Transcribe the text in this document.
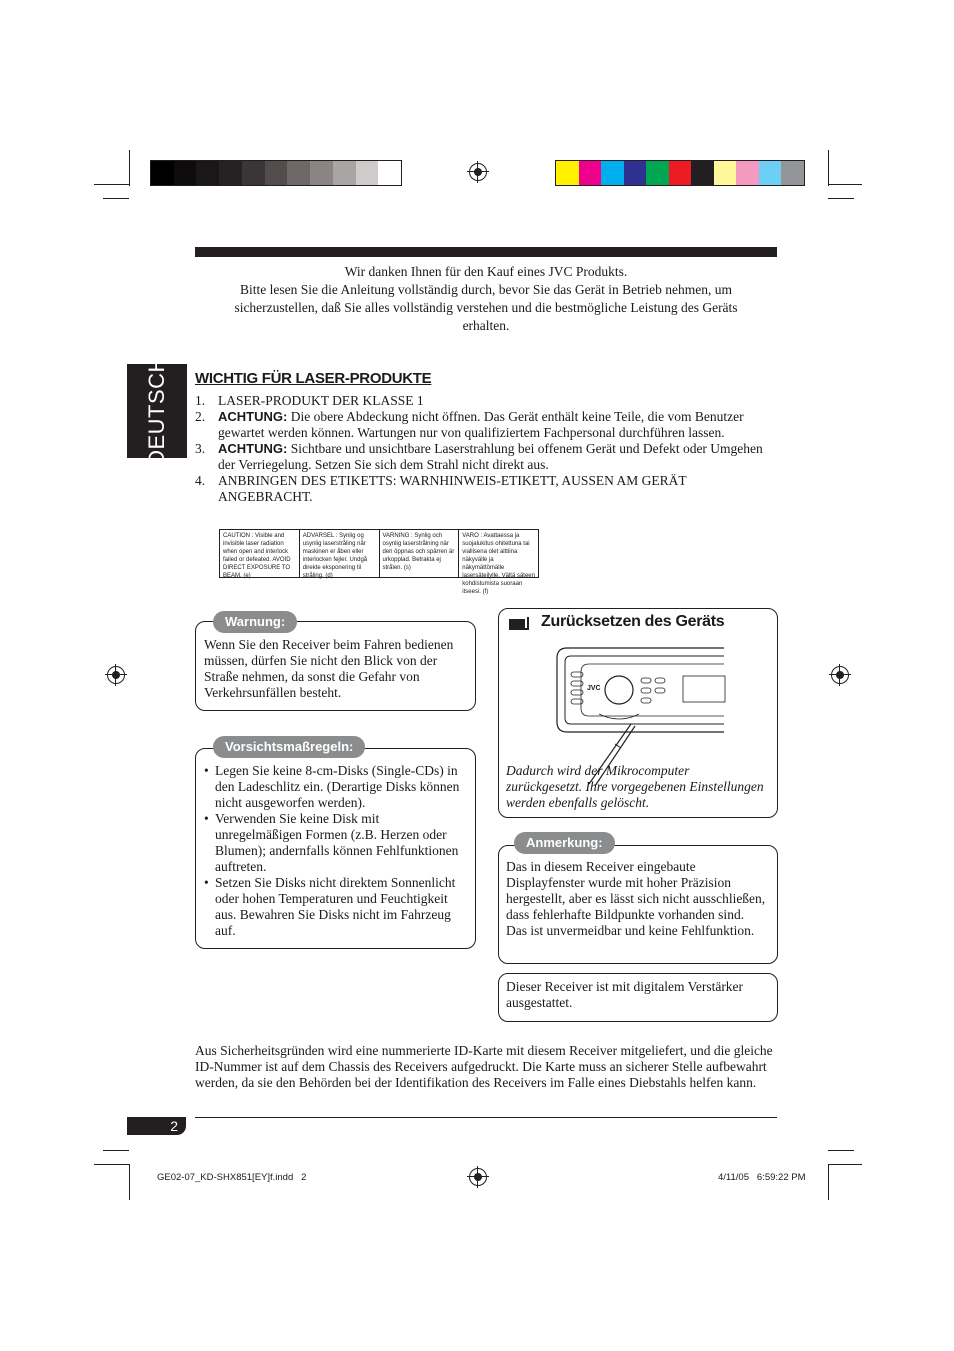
Wir danken Ihnen für den Kauf eines JVC Produkts.
Bitte lesen Sie die Anleitung vollständig durch, bevor Sie das Gerät in Betrieb nehmen, um sicherzustellen, daß Sie alles vollständig verstehen und die bestmögliche Leistung des Geräts erhalten.
DEUTSCH WICHTIG FÜR LASER-PRODUKTE
1. LASER-PRODUKT DER KLASSE 1
2. ACHTUNG: Die obere Abdeckung nicht öffnen. Das Gerät enthält keine Teile, die vom Benutzer gewartet werden können. Wartungen nur von qualifiziertem Fachpersonal durchführen lassen.
3. ACHTUNG: Sichtbare und unsichtbare Laserstrahlung bei offenem Gerät und Defekt oder Umgehen der Verriegelung. Setzen Sie sich dem Strahl nicht direkt aus.
4. ANBRINGEN DES ETIKETTS: WARNHINWEIS-ETIKETT, AUSSEN AM GERÄT ANGEBRACHT.
CAUTION : Visible and invisible laser radiation when open and interlock failed or defeated. AVOID DIRECT EXPOSURE TO BEAM. (e)
ADVARSEL : Synlig og usynlig laserstråling når maskinen er åben eller interlocken fejler. Undgå direkte eksponering til stråling. (d)
VARNING : Synlig och osynlig laserstrålning när den öppnas och spärren är urkopplad. Betrakta ej strålen. (s)
VARO : Avattaessa ja suojalukitus ohitettuna tai viallisena olet alttiina näkyvälle ja näkymättömälle lasersäteilylle. Vältä säteen kohdistumista suoraan itseesi. (f)
Warnung:
Wenn Sie den Receiver beim Fahren bedienen müssen, dürfen Sie nicht den Blick von der Straße nehmen, da sonst die Gefahr von Verkehrsunfällen besteht.
Vorsichtsmaßregeln:
• Legen Sie keine 8-cm-Disks (Single-CDs) in den Ladeschlitz ein. (Derartige Disks können nicht ausgeworfen werden).
• Verwenden Sie keine Disk mit unregelmäßigen Formen (z.B. Herzen oder Blumen); andernfalls können Fehlfunktionen auftreten.
• Setzen Sie Disks nicht direktem Sonnenlicht oder hohen Temperaturen und Feuchtigkeit aus. Bewahren Sie Disks nicht im Fahrzeug auf.
Zurücksetzen des Geräts
JVC
Dadurch wird der Mikrocomputer zurückgesetzt. Ihre vorgegebenen Einstellungen werden ebenfalls gelöscht.
Anmerkung:
Das in diesem Receiver eingebaute Displayfenster wurde mit hoher Präzision hergestellt, aber es lässt sich nicht ausschließen, dass fehlerhafte Bildpunkte vorhanden sind. Das ist unvermeidbar und keine Fehlfunktion.
Dieser Receiver ist mit digitalem Verstärker ausgestattet.
Aus Sicherheitsgründen wird eine nummerierte ID-Karte mit diesem Receiver mitgeliefert, und die gleiche ID-Nummer ist auf dem Chassis des Receivers aufgedruckt. Die Karte muss an sicherer Stelle aufbewahrt werden, da sie den Behörden bei der Identifikation des Receivers im Falle eines Diebstahls helfen kann.
2
GE02-07_KD-SHX851[EY]f.indd   2	4/11/05   6:59:22 PM
